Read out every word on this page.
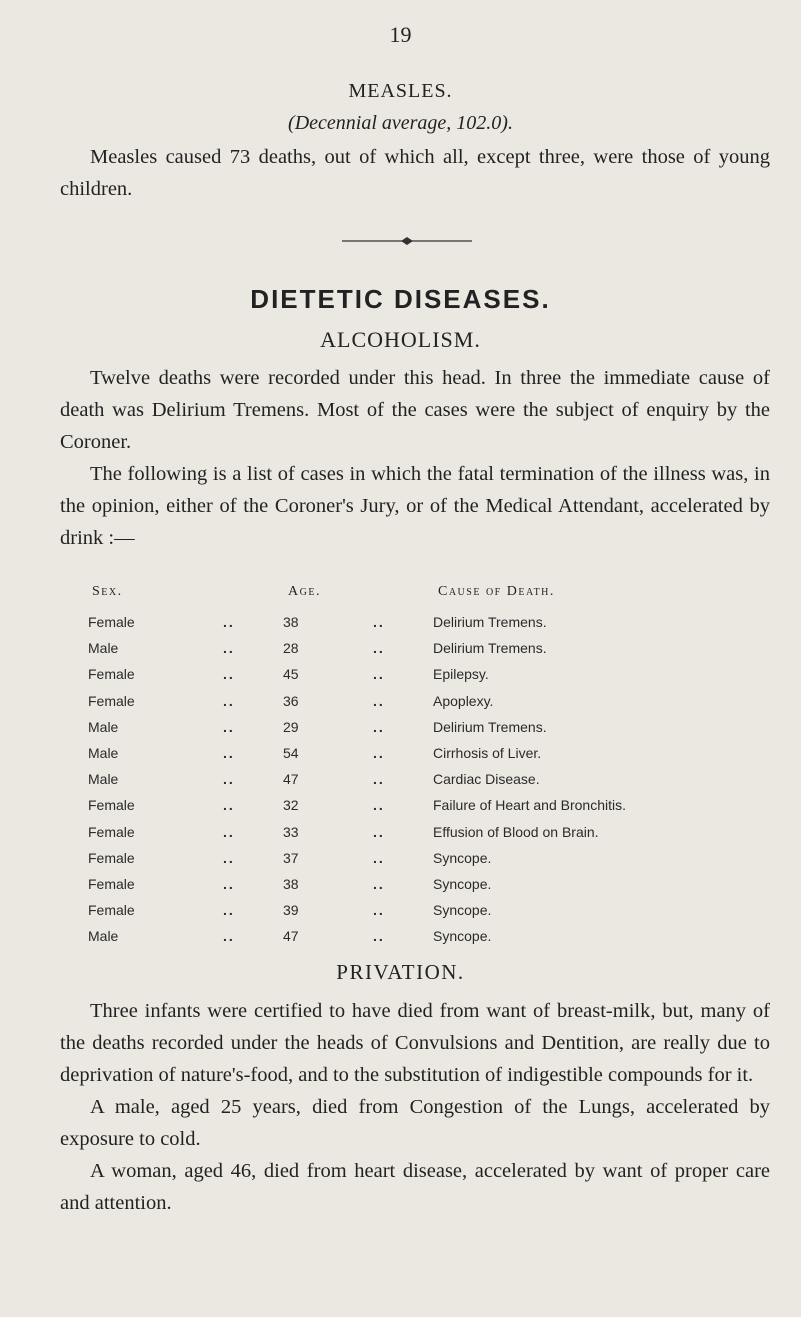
19
MEASLES.
(Decennial average, 102.0).

Measles caused 73 deaths, out of which all, except three, were those of young children.

DIETETIC DISEASES.
ALCOHOLISM.

Twelve deaths were recorded under this head. In three the immediate cause of death was Delirium Tremens. Most of the cases were the subject of enquiry by the Coroner.

The following is a list of cases in which the fatal termination of the illness was, in the opinion, either of the Coroner's Jury, or of the Medical Attendant, accelerated by drink :—

Sex.	Age.	Cause of Death.
Female	..	38	..	Delirium Tremens.
Male	..	28	..	Delirium Tremens.
Female	..	45	..	Epilepsy.
Female	..	36	..	Apoplexy.
Male	..	29	..	Delirium Tremens.
Male	..	54	..	Cirrhosis of Liver.
Male	..	47	..	Cardiac Disease.
Female	..	32	..	Failure of Heart and Bronchitis.
Female	..	33	..	Effusion of Blood on Brain.
Female	..	37	..	Syncope.
Female	..	38	..	Syncope.
Female	..	39	..	Syncope.
Male	..	47	..	Syncope.
PRIVATION.

Three infants were certified to have died from want of breast-milk, but, many of the deaths recorded under the heads of Convulsions and Dentition, are really due to deprivation of nature's-food, and to the substitution of indigestible compounds for it.

A male, aged 25 years, died from Congestion of the Lungs, accelerated by exposure to cold.

A woman, aged 46, died from heart disease, accelerated by want of proper care and attention.
